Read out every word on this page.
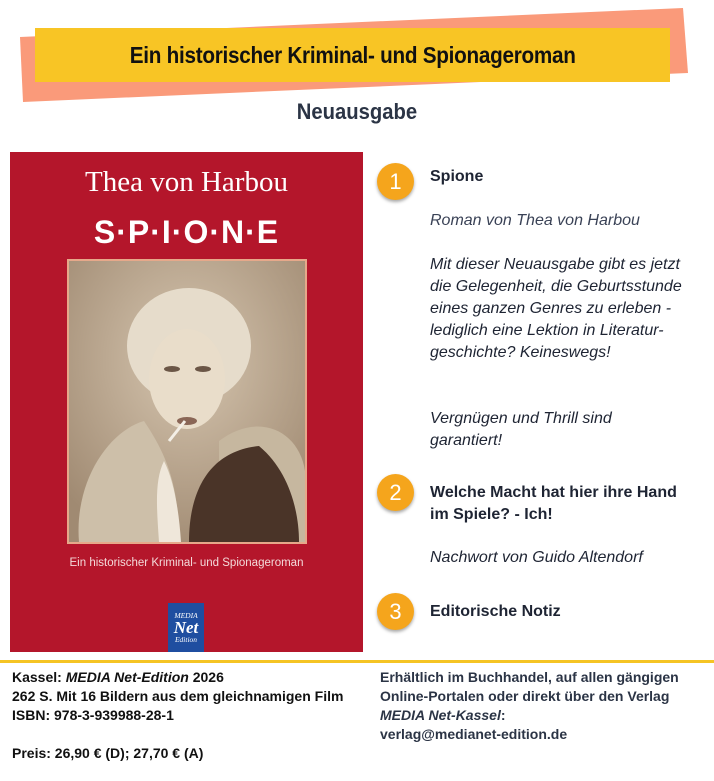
Ein historischer Kriminal- und Spionageroman
Neuausgabe
Thea von Harbou
S·P·I·O·N·E
Ein historischer Kriminal- und Spionageroman
MEDIA
Net
Edition
1	Spione
Roman von Thea von Harbou
Mit dieser Neuausgabe gibt es jetzt die Gelegenheit, die Geburtsstunde eines ganzen Genres zu erleben - lediglich eine Lektion in Literatur-geschichte? Keineswegs!
Vergnügen und Thrill sind garantiert!
2	Welche Macht hat hier ihre Hand im Spiele? - Ich!
Nachwort von Guido Altendorf
3	Editorische Notiz
Kassel: MEDIA Net-Edition 2026
262 S. Mit 16 Bildern aus dem gleichnamigen Film
ISBN: 978-3-939988-28-1
Preis: 26,90 € (D); 27,70 € (A)
Erhältlich im Buchhandel, auf allen gängigen
Online-Portalen oder direkt über den Verlag
MEDIA Net-Kassel:
verlag@medianet-edition.de
